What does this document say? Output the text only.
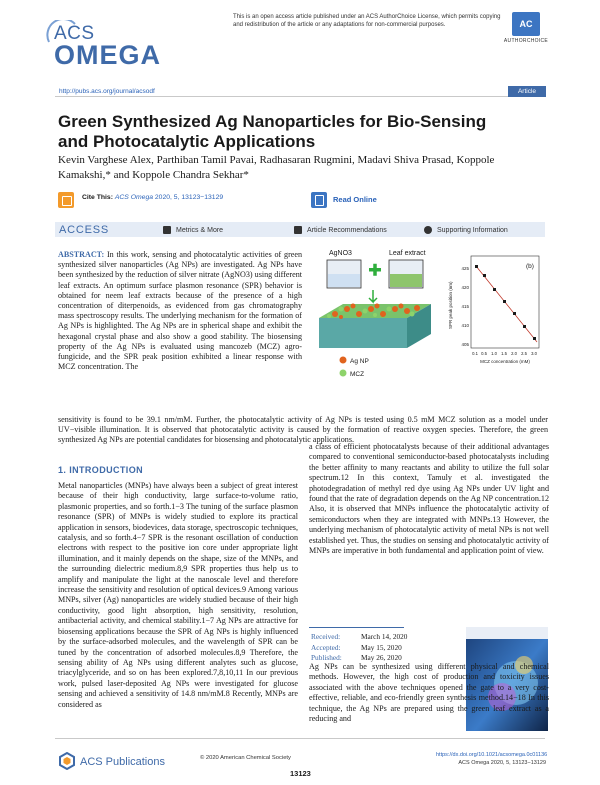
ACS
OMEGA
This is an open access article published under an ACS AuthorChoice License, which permits copying and redistribution of the article or any adaptations for non-commercial purposes.	AC
AUTHORCHOICE
http://pubs.acs.org/journal/acsodf	Article
Green Synthesized Ag Nanoparticles for Bio-Sensing and Photocatalytic Applications
Kevin Varghese Alex, Parthiban Tamil Pavai, Radhasaran Rugmini, Madavi Shiva Prasad, Koppole Kamakshi,* and Koppole Chandra Sekhar*
Cite This: ACS Omega 2020, 5, 13123−13129	Read Online
ACCESS	Metrics & More	Article Recommendations	Supporting Information
ABSTRACT: In this work, sensing and photocatalytic activities of green synthesized silver nanoparticles (Ag NPs) are investigated. Ag NPs have been synthesized by the reduction of silver nitrate (AgNO3) using different leaf extracts. An optimum surface plasmon resonance (SPR) behavior is obtained for neem leaf extracts because of the presence of a high concentration of diterpenoids, as evidenced from gas chromatography mass spectroscopy results. The underlying mechanism for the formation of Ag NPs is highlighted. The Ag NPs are in spherical shape and exhibit the hexagonal crystal phase and also show a good stability. The biosensing property of the Ag NPs is evaluated using mancozeb (MCZ) agro-fungicide, and the SPR peak position exhibited a linear response with MCZ concentration. The
AgNO3	Leaf extract
Ag NP
MCZ
(b)
SPR peak position (nm)
425
420
415
410
405
0.1 0.5 1.0 1.5 2.0 2.5 3.0
MCZ concentration (mM)
sensitivity is found to be 39.1 nm/mM. Further, the photocatalytic activity of Ag NPs is tested using 0.5 mM MCZ solution as a model under UV−visible illumination. It is observed that photocatalytic activity is caused by the formation of reactive oxygen species. Therefore, the green synthesized Ag NPs are potential candidates for biosensing and photocatalytic applications.
1. INTRODUCTION
Metal nanoparticles (MNPs) have always been a subject of great interest because of their high conductivity, large surface-to-volume ratio, plasmonic properties, and so forth.1−3 The tuning of the surface plasmon resonance (SPR) of MNPs is widely studied to explore its practical application in sensors, biodevices, data storage, spectroscopic techniques, catalysis, and so forth.4−7 SPR is the resonant oscillation of conduction electrons with respect to the positive ion core under appropriate light illumination, and it mainly depends on the shape, size of the MNPs, and the surrounding dielectric medium.8,9 SPR properties thus help us to amplify and manipulate the light at the nanoscale level and therefore increase the sensitivity and resolution of optical devices.9 Among various MNPs, silver (Ag) nanoparticles are widely studied because of their high conductivity, good light absorption, high sensitivity, resolution, antibacterial activity, and chemical stability.1−7 Ag NPs are attractive for biosensing applications because the SPR of Ag NPs is highly influenced by the surface-adsorbed molecules, and the wavelength of SPR can be tuned by the concentration of adsorbed molecules.8,9 Therefore, the sensing ability of Ag NPs using different analytes such as glucose, triacylglyceride, and so on has been explored.7,8,10,11 In our previous work, pulsed laser-deposited Ag NPs were investigated for glucose sensing and achieved a sensitivity of 14.8 nm/mM.8 Recently, MNPs are considered as
a class of efficient photocatalysts because of their additional advantages compared to conventional semiconductor-based photocatalysts including the better affinity to many reactants and ability to utilize the full solar spectrum.12 In this context, Tamuly et al. investigated the photodegradation of methyl red dye using Ag NPs under UV light and found that the rate of degradation depends on the Ag NP concentration.12 Also, it is observed that MNPs influence the photocatalytic activity of semiconductors when they are integrated with MNPs.13 However, the underlying mechanism of photocatalytic activity of metal NPs is not well established yet. Thus, the studies on sensing and photocatalytic activity of MNPs are imperative in both fundamental and application point of view.
Received:	March 14, 2020
Accepted:	May 15, 2020
Published:	May 26, 2020
Ag NPs can be synthesized using different physical and chemical methods. However, the high cost of production and toxicity issues associated with the above techniques opened the gate to a very cost-effective, reliable, and eco-friendly green synthesis method.14−18 In this technique, the Ag NPs are prepared using the green leaf extract as a reducing and
ACS Publications	© 2020 American Chemical Society
13123
https://dx.doi.org/10.1021/acsomega.0c01136
ACS Omega 2020, 5, 13123−13129
